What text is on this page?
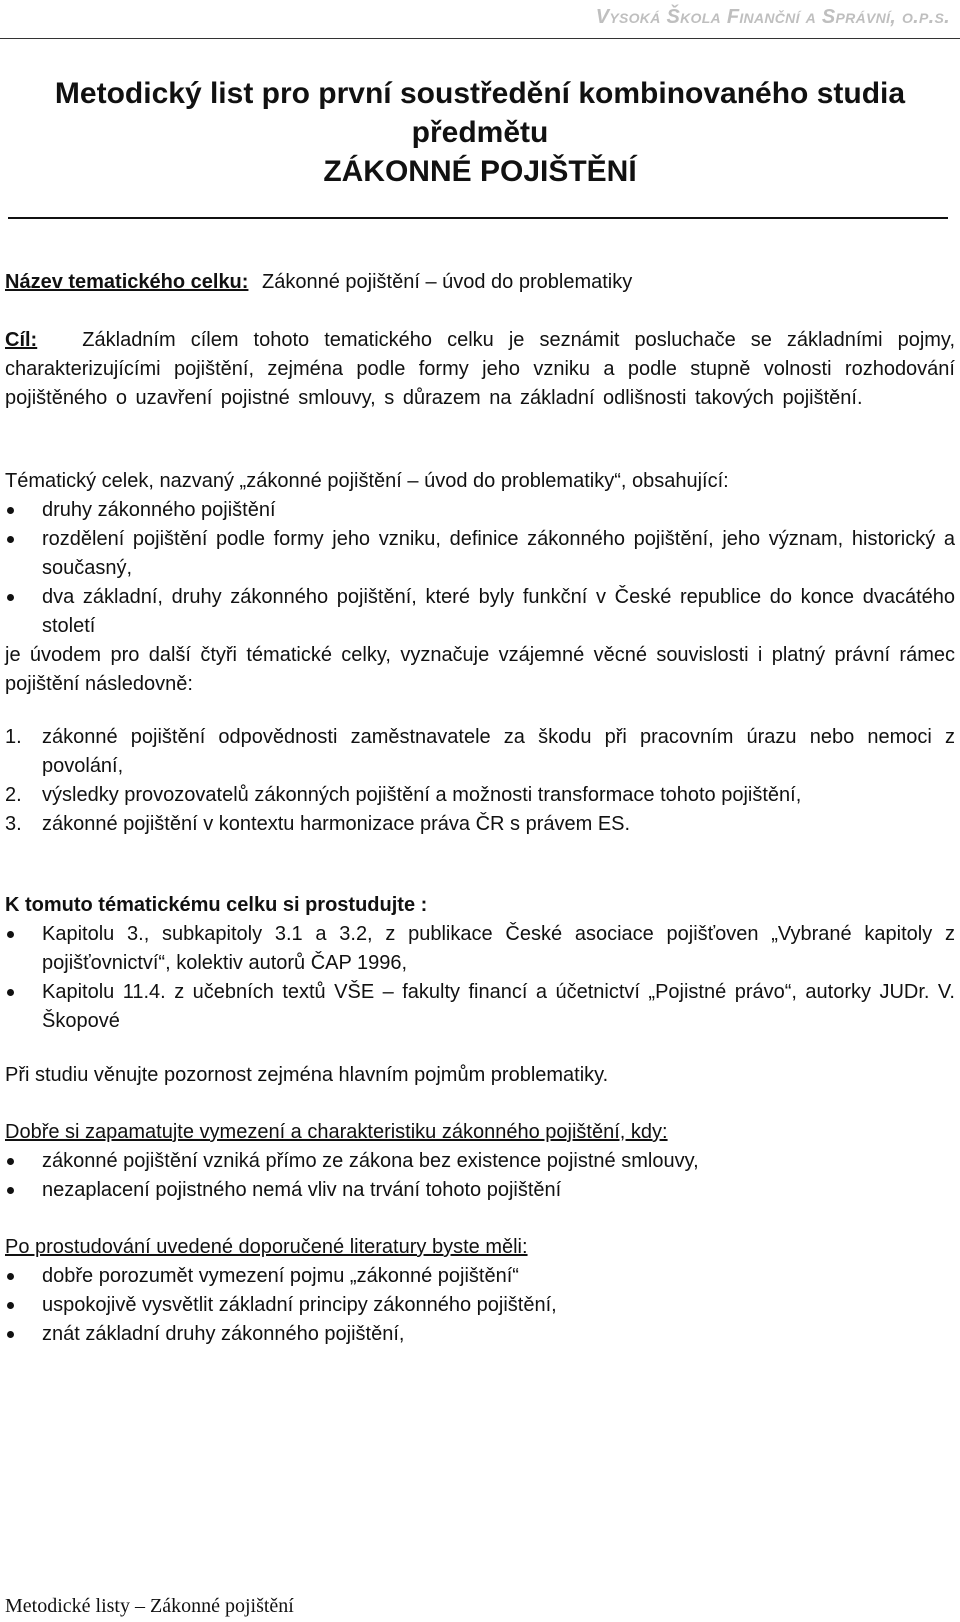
Vysoká Škola Finanční a Správní, o.p.s.
Metodický list pro první soustředění kombinovaného studia
předmětu
ZÁKONNÉ POJIŠTĚNÍ
Název tematického celku: Zákonné pojištění – úvod do problematiky
Cíl: Základním cílem tohoto tematického celku je seznámit posluchače se základními pojmy, charakterizujícími pojištění, zejména podle formy jeho vzniku a podle stupně volnosti rozhodování pojištěného o uzavření pojistné smlouvy, s důrazem na základní odlišnosti takových pojištění.
Tématický celek, nazvaný „zákonné pojištění – úvod do problematiky“, obsahující:
druhy zákonného pojištění
rozdělení pojištění podle formy jeho vzniku, definice zákonného pojištění, jeho význam, historický a současný,
dva základní, druhy zákonného pojištění, které byly funkční v České republice do konce dvacátého století
je úvodem pro další čtyři tématické celky, vyznačuje vzájemné věcné souvislosti i platný právní rámec pojištění následovně:
1. zákonné pojištění odpovědnosti zaměstnavatele za škodu při pracovním úrazu nebo nemoci z povolání,
2. výsledky provozovatelů zákonných pojištění a možnosti transformace tohoto pojištění,
3. zákonné pojištění v kontextu harmonizace práva ČR s právem ES.
K tomuto tématickému celku si prostudujte :
Kapitolu 3., subkapitoly 3.1 a 3.2, z publikace České asociace pojišťoven „Vybrané kapitoly z pojišťovnictví“, kolektiv autorů ČAP 1996,
Kapitolu 11.4. z učebních textů VŠE – fakulty financí a účetnictví „Pojistné právo“, autorky JUDr. V. Škopové
Při studiu věnujte pozornost zejména hlavním pojmům problematiky.
Dobře si zapamatujte vymezení a charakteristiku zákonného pojištění, kdy:
zákonné pojištění vzniká přímo ze zákona bez existence pojistné smlouvy,
nezaplacení pojistného nemá vliv na trvání tohoto pojištění
Po prostudování uvedené doporučené literatury byste měli:
dobře porozumět vymezení pojmu „zákonné pojištění“
uspokojivě vysvětlit základní principy zákonného pojištění,
znát základní druhy zákonného pojištění,
Metodické listy – Zákonné pojištění
